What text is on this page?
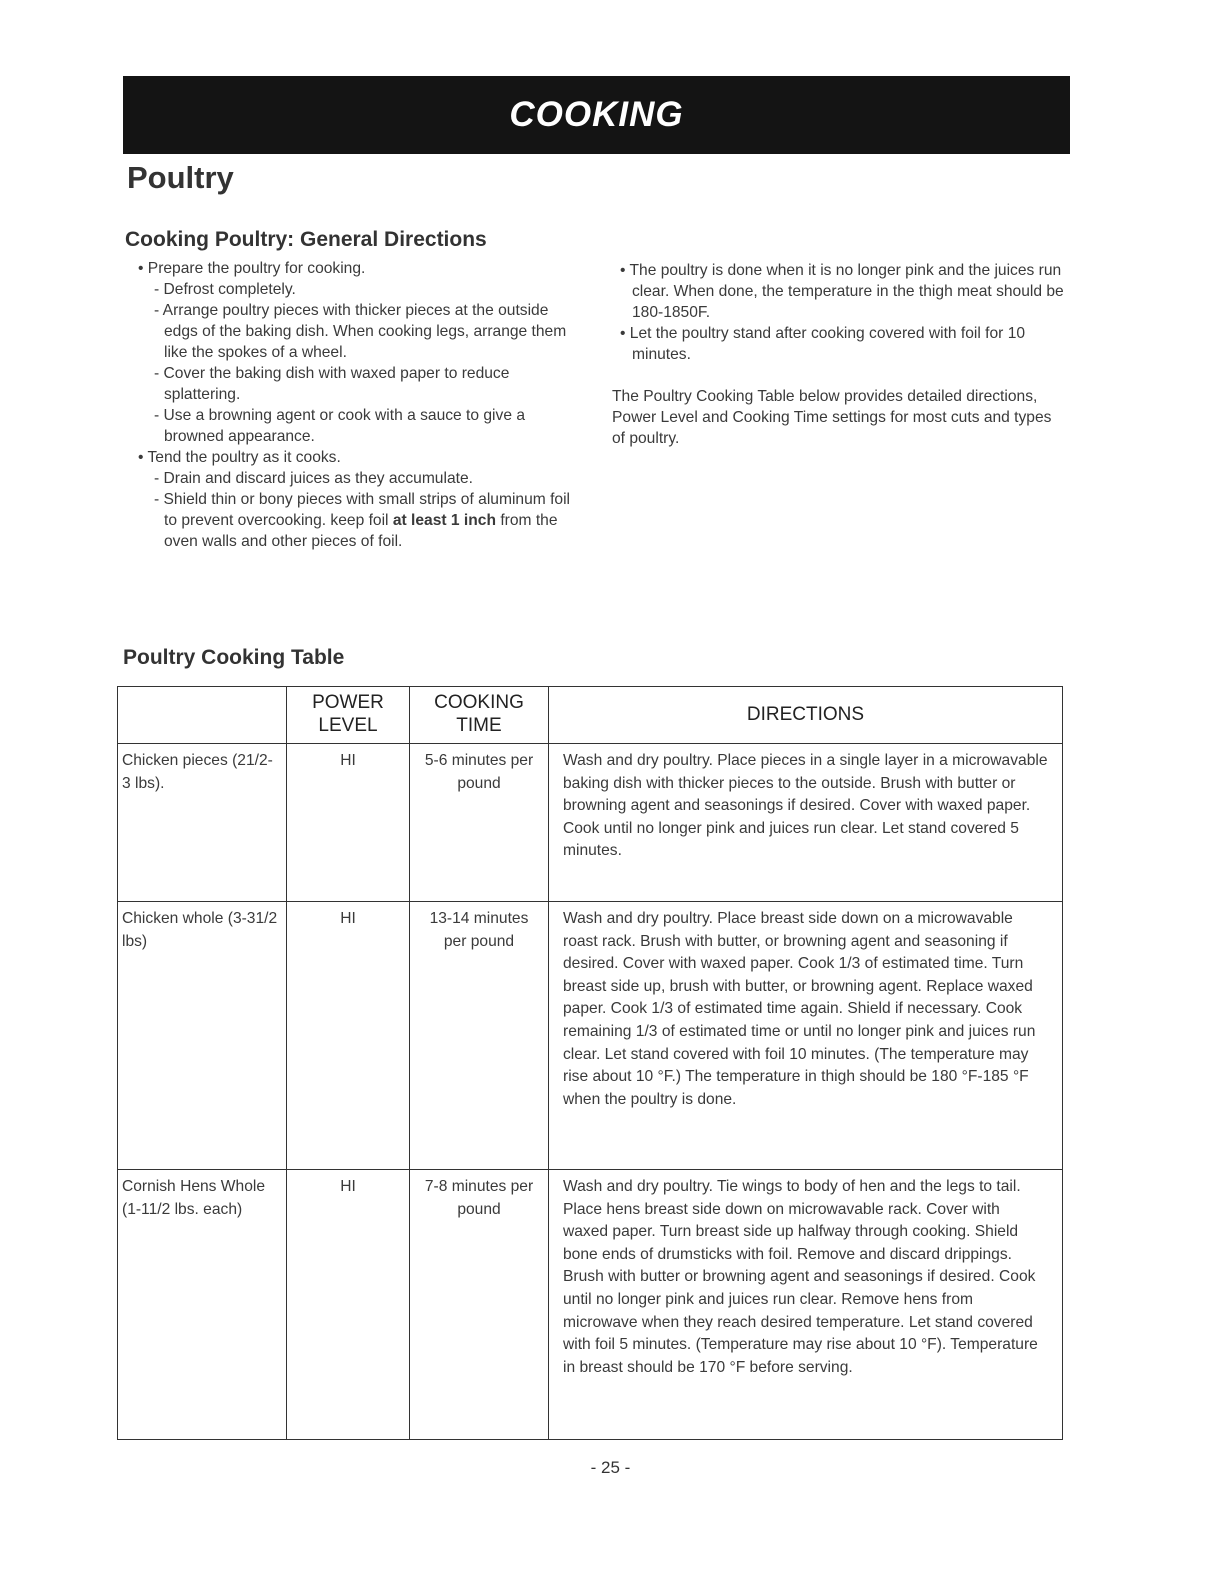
COOKING
Poultry
Cooking Poultry: General Directions

• Prepare the poultry for cooking.

- Defrost completely.

- Arrange poultry pieces with thicker pieces at the outside edgs of the baking dish. When cooking legs, arrange them like the spokes of a wheel.

- Cover the baking dish with waxed paper to reduce splattering.

- Use a browning agent or cook with a sauce to give a browned appearance.

• Tend the poultry as it cooks.

- Drain and discard juices as they accumulate.

- Shield thin or bony pieces with small strips of aluminum foil to prevent overcooking. keep foil at least 1 inch from the oven walls and other pieces of foil.

• The poultry is done when it is no longer pink and the juices run clear. When done, the temperature in the thigh meat should be 180-1850F.

• Let the poultry stand after cooking covered with foil for 10 minutes.

The Poultry Cooking Table below provides detailed directions, Power Level and Cooking Time settings for most cuts and types of poultry.

Poultry Cooking Table
	POWER LEVEL	COOKING TIME	DIRECTIONS
Chicken pieces (21/2-3 lbs).	HI	5-6 minutes per pound	Wash and dry poultry. Place pieces in a single layer in a microwavable baking dish with thicker pieces to the outside. Brush with butter or browning agent and seasonings if desired. Cover with waxed paper. Cook until no longer pink and juices run clear. Let stand covered 5 minutes.
Chicken whole (3-31/2 lbs)	HI	13-14 minutes per pound	Wash and dry poultry. Place breast side down on a microwavable roast rack. Brush with butter, or browning agent and seasoning if desired. Cover with waxed paper. Cook 1/3 of estimated time. Turn breast side up, brush with butter, or browning agent. Replace waxed paper. Cook 1/3 of estimated time again. Shield if necessary. Cook remaining 1/3 of estimated time or until no longer pink and juices run clear. Let stand covered with foil 10 minutes. (The temperature may rise about 10 °F.) The temperature in thigh should be 180 °F-185 °F when the poultry is done.
Cornish Hens Whole (1-11/2 lbs. each)	HI	7-8 minutes per pound	Wash and dry poultry. Tie wings to body of hen and the legs to tail. Place hens breast side down on microwavable rack. Cover with waxed paper. Turn breast side up halfway through cooking. Shield bone ends of drumsticks with foil. Remove and discard drippings. Brush with butter or browning agent and seasonings if desired. Cook until no longer pink and juices run clear. Remove hens from microwave when they reach desired temperature. Let stand covered with foil 5 minutes. (Temperature may rise about 10 °F). Temperature in breast should be 170 °F before serving.
- 25 -
